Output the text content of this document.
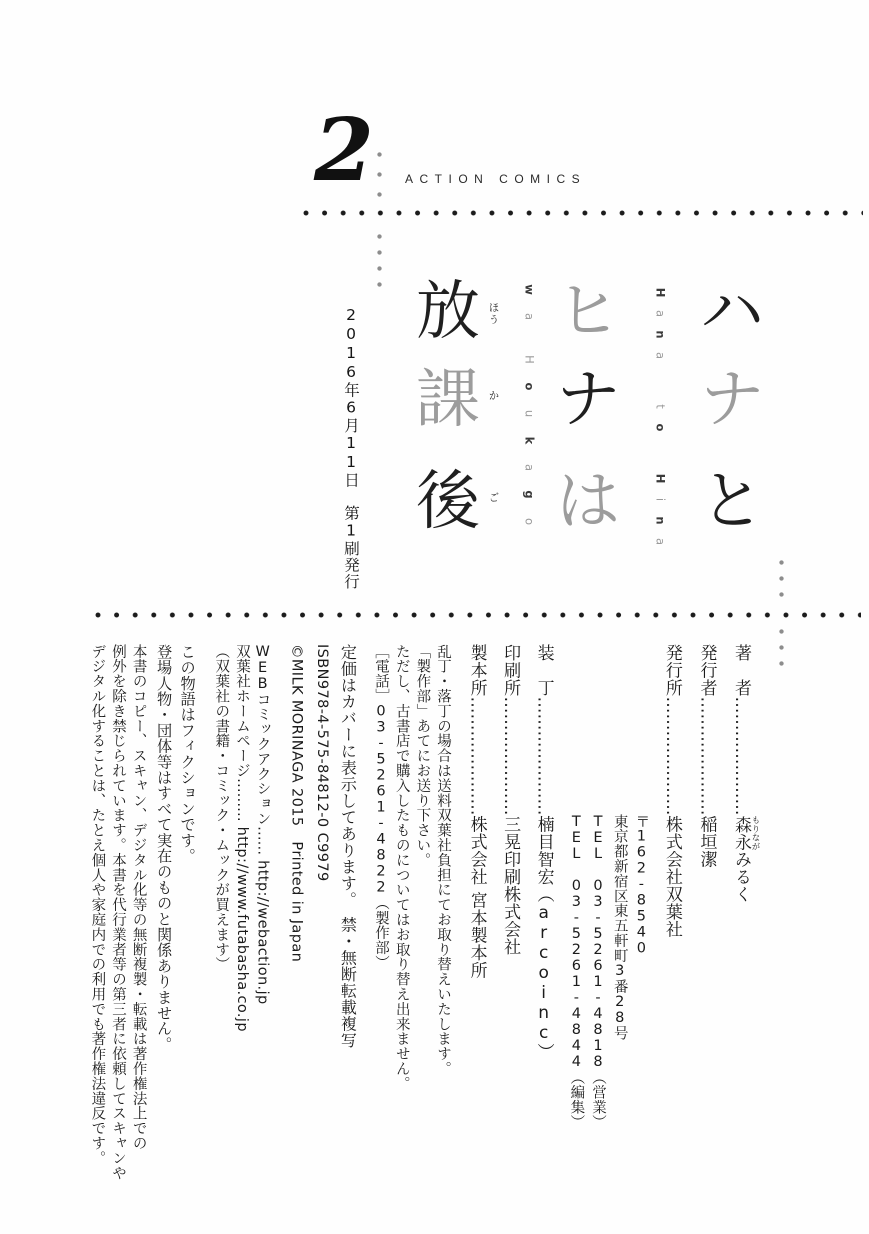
2	ACTION COMICS
ハ
ナ
と
ヒ
ナ
は
放 ほう
課 か
後 ご
H
a
n
a
t
o
H
i
n
a
w
a
H
o
u
k
a
g
o
2016年6月11日　第1刷発行
著　者…………………森永 もりながみるく
発行者…………………稲垣潔
発行所…………………株式会社双葉社
〒162-8540
東京都新宿区東五軒町3番28号
TEL 03-5261-4818（営業）
TEL 03-5261-4844（編集）
装　丁…………………楠目智宏（arcoinc）
印刷所…………………三晃印刷株式会社
製本所…………………株式会社 宮本製本所
乱丁・落丁の場合は送料双葉社負担にてお取り替えいたします。
「製作部」あてにお送り下さい。
ただし、古書店で購入したものについてはお取り替え出来ません。
［電話］03-5261-4822（製作部）
定価はカバーに表示してあります。　禁・無断転載複写
ISBN978-4-575-84812-0 C9979
©MILK MORINAGA 2015　Printed in Japan
WEBコミックアクション…… http://webaction.jp
双葉社ホームページ……… http://www.futabasha.co.jp
（双葉社の書籍・コミック・ムックが買えます）
この物語はフィクションです。
登場人物・団体等はすべて実在のものと関係ありません。
本書のコピー、スキャン、デジタル化等の無断複製・転載は著作権法上での
例外を除き禁じられています。本書を代行業者等の第三者に依頼してスキャンや
デジタル化することは、たとえ個人や家庭内での利用でも著作権法違反です。
